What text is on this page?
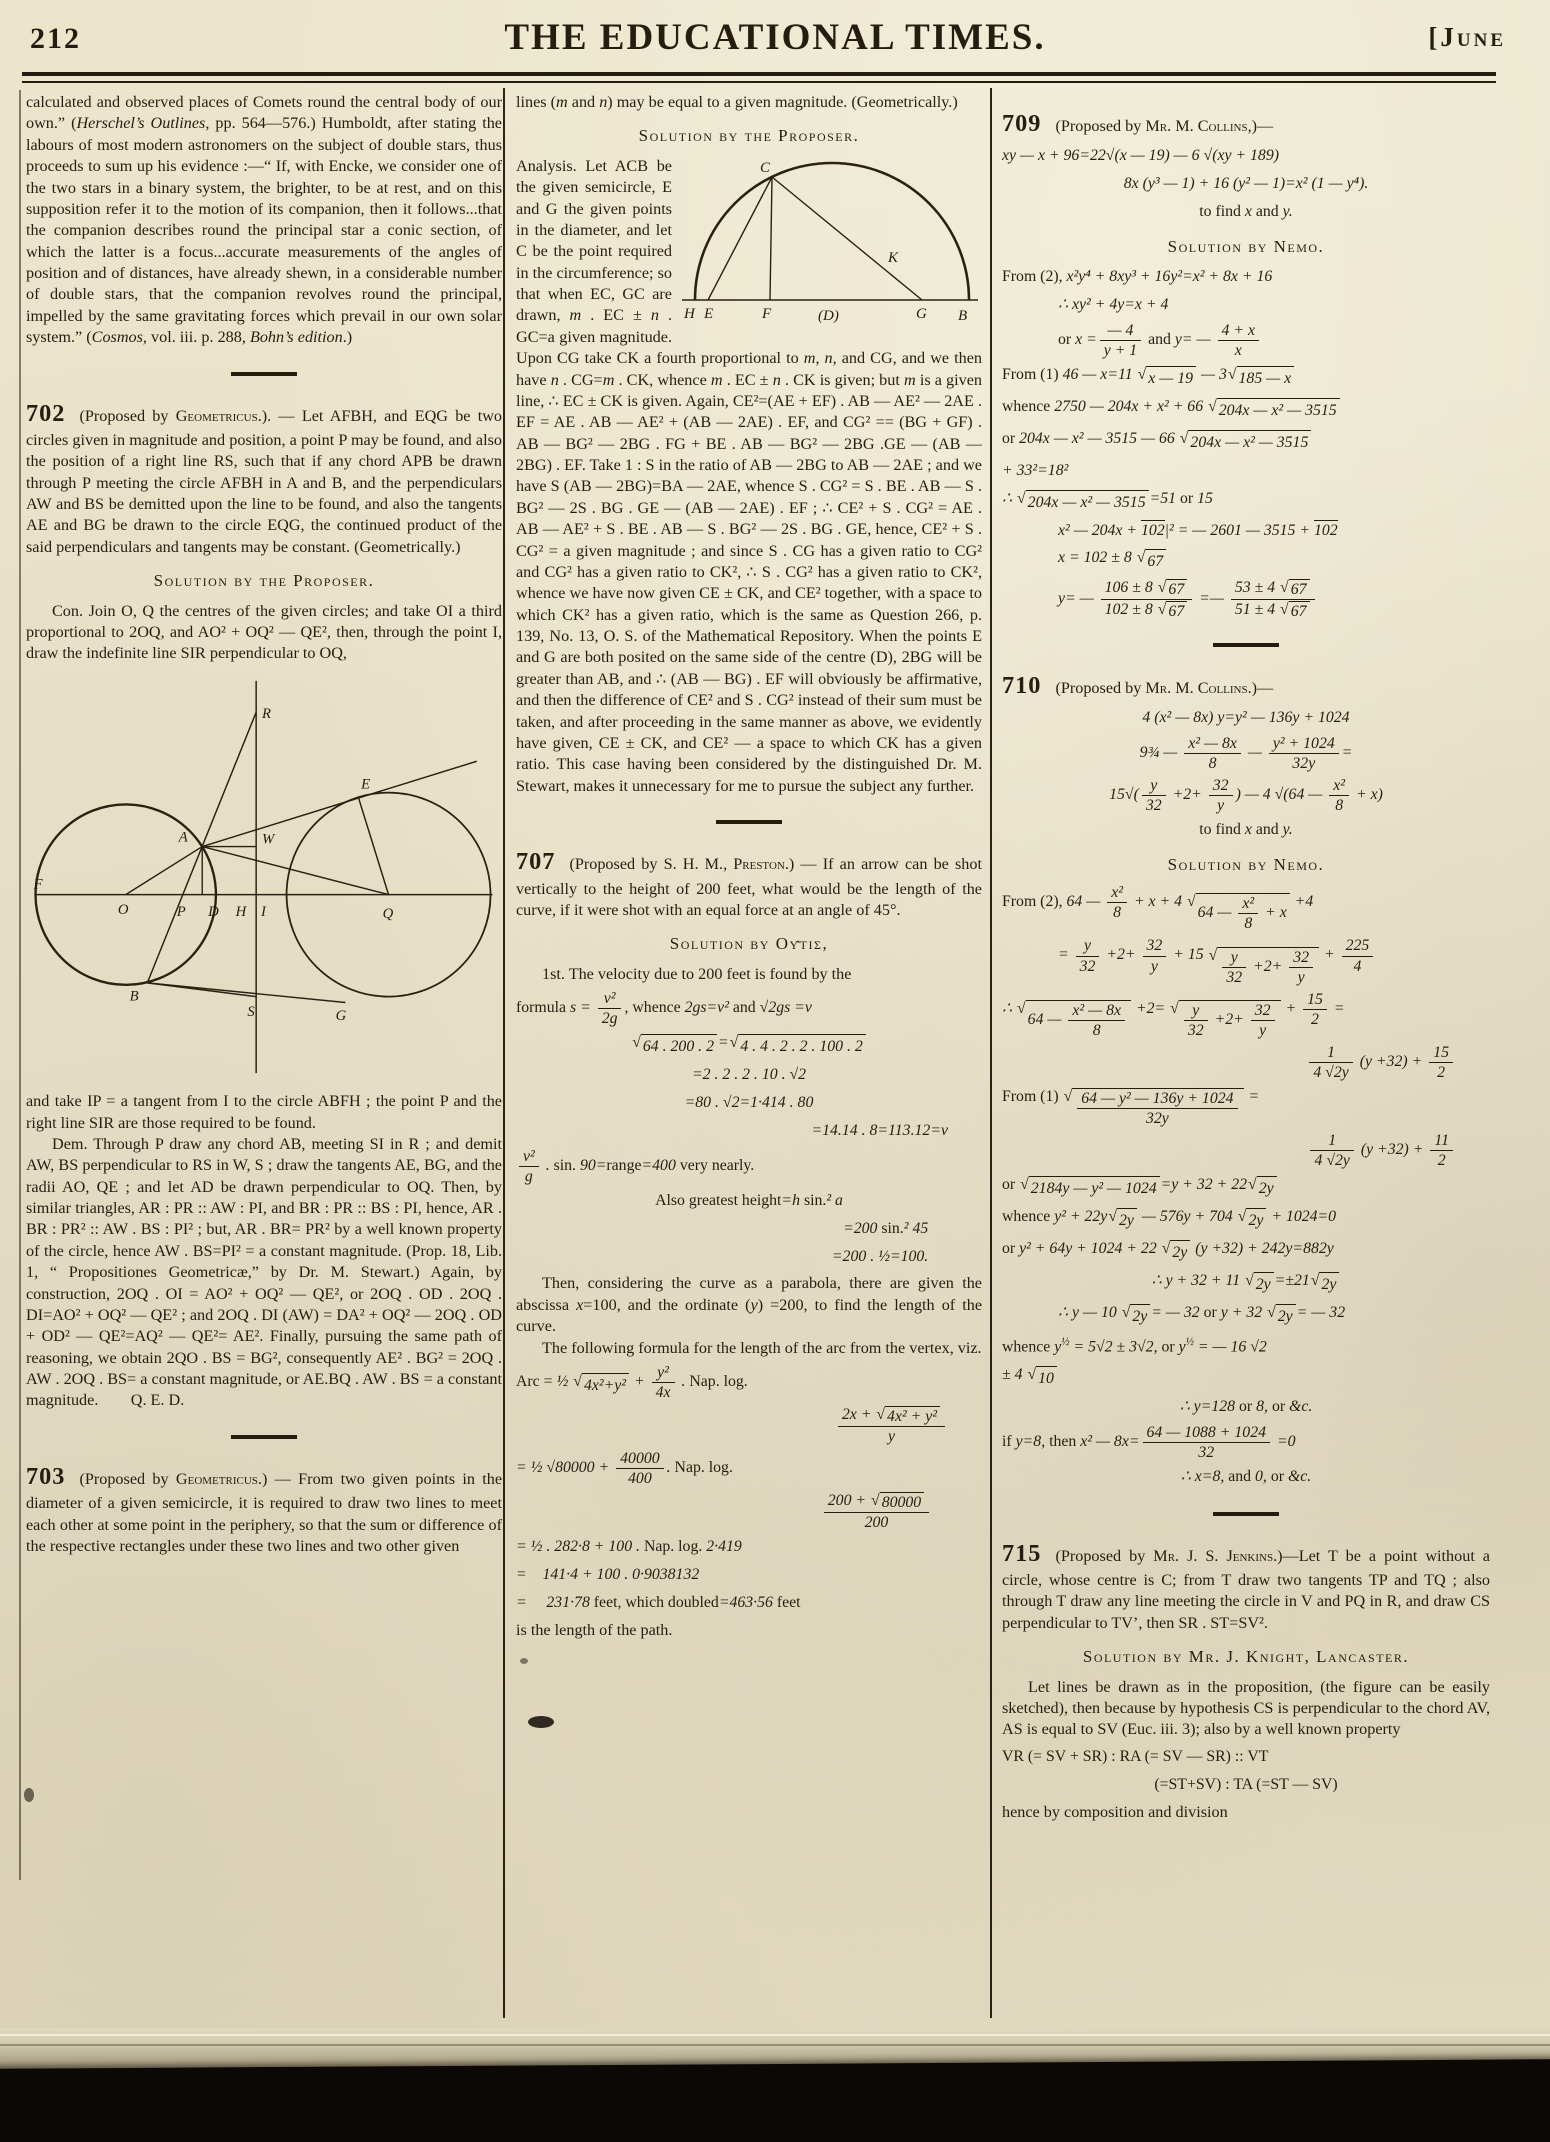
212	THE EDUCATIONAL TIMES.	[June
calculated and observed places of Comets round the central body of our own.” (Herschel’s Outlines, pp. 564—576.) Humboldt, after stating the labours of most modern astronomers on the subject of double stars, thus proceeds to sum up his evidence :—“ If, with Encke, we consider one of the two stars in a binary system, the brighter, to be at rest, and on this supposition refer it to the motion of its companion, then it follows...that the companion describes round the principal star a conic section, of which the latter is a focus...accurate measurements of the angles of position and of distances, have already shewn, in a considerable number of double stars, that the companion revolves round the principal, impelled by the same gravitating forces which prevail in our own solar system.” (Cosmos, vol. iii. p. 288, Bohn’s edition.)
702 (Proposed by Geometricus.). — Let AFBH, and EQG be two circles given in magnitude and position, a point P may be found, and also the position of a right line RS, such that if any chord APB be drawn through P meeting the circle AFBH in A and B, and the perpendiculars AW and BS be demitted upon the line to be found, and also the tangents AE and BG be drawn to the circle EQG, the continued product of the said perpendiculars and tangents may be constant. (Geometrically.)
Solution by the Proposer.
Con. Join O, Q the centres of the given circles; and take OI a third proportional to 2OQ, and AO² + OQ² — QE², then, through the point I, draw the indefinite line SIR perpendicular to OQ,
F
O	P D H I	Q
R
A	W
E
B
S	G
and take IP = a tangent from I to the circle ABFH ; the point P and the right line SIR are those required to be found.
Dem. Through P draw any chord AB, meeting SI in R ; and demit AW, BS perpendicular to RS in W, S ; draw the tangents AE, BG, and the radii AO, QE ; and let AD be drawn perpendicular to OQ. Then, by similar triangles, AR : PR :: AW : PI, and BR : PR :: BS : PI, hence, AR . BR : PR² :: AW . BS : PI² ; but, AR . BR= PR² by a well known property of the circle, hence AW . BS=PI² = a constant magnitude. (Prop. 18, Lib. 1, “ Propositiones Geometricæ,” by Dr. M. Stewart.) Again, by construction, 2OQ . OI = AO² + OQ² — QE², or 2OQ . OD . 2OQ . DI=AO² + OQ² — QE² ; and 2OQ . DI (AW) = DA² + OQ² — 2OQ . OD + OD² — QE²=AQ² — QE²= AE². Finally, pursuing the same path of reasoning, we obtain 2QO . BS = BG², consequently AE² . BG² = 2OQ . AW . 2OQ . BS= a constant magnitude, or AE.BQ . AW . BS = a constant magnitude.        Q. E. D.
703 (Proposed by Geometricus.) — From two given points in the diameter of a given semicircle, it is required to draw two lines to meet each other at some point in the periphery, so that the sum or difference of the respective rectangles under these two lines and two other given
lines (m and n) may be equal to a given magnitude. (Geometrically.)
Solution by the Proposer.
C
K
H E	F	(D)	G B
Analysis. Let ACB be the given semicircle, E and G the given points in the diameter, and let C be the point required in the circumference; so that when EC, GC are drawn, m . EC ± n . GC=a given magnitude. Upon CG take CK a fourth proportional to m, n, and CG, and we then have n . CG=m . CK, whence m . EC ± n . CK is given; but m is a given line, ∴ EC ± CK is given. Again, CE²=(AE + EF) . AB — AE² — 2AE . EF = AE . AB — AE² + (AB — 2AE) . EF, and CG² == (BG + GF) . AB — BG² — 2BG . FG + BE . AB — BG² — 2BG .GE — (AB — 2BG) . EF. Take 1 : S in the ratio of AB — 2BG to AB — 2AE ; and we have S (AB — 2BG)=BA — 2AE, whence S . CG² = S . BE . AB — S . BG² — 2S . BG . GE — (AB — 2AE) . EF ; ∴ CE² + S . CG² = AE . AB — AE² + S . BE . AB — S . BG² — 2S . BG . GE, hence, CE² + S . CG² = a given magnitude ; and since S . CG has a given ratio to CG² and CG² has a given ratio to CK², ∴ S . CG² has a given ratio to CK², whence we have now given CE ± CK, and CE² together, with a space to which CK² has a given ratio, which is the same as Question 266, p. 139, No. 13, O. S. of the Mathematical Repository. When the points E and G are both posited on the same side of the centre (D), 2BG will be greater than AB, and ∴ (AB — BG) . EF will obviously be affirmative, and then the difference of CE² and S . CG² instead of their sum must be taken, and after proceeding in the same manner as above, we evidently have given, CE ± CK, and CE² — a space to which CK has a given ratio. This case having been considered by the distinguished Dr. M. Stewart, makes it unnecessary for me to pursue the subject any further.
707 (Proposed by S. H. M., Preston.) — If an arrow can be shot vertically to the height of 200 feet, what would be the length of the curve, if it were shot with an equal force at an angle of 45°.
Solution by Οὖτις,
1st. The velocity due to 200 feet is found by the
formula $s = \frac{\text{v²}}{2g}$ , whence 2gs=v² and √2gs =v
√ 64 . 200 . 2 = √ 4 . 4 . 2 . 2 . 100 . 2
=2 . 2 . 2 . 10 . √2
=80 . √2=1·414 . 80
=14.14 . 8=113.12=v
$\frac{\text{v²}}{g}$ . sin. 90=range=400 very nearly.
Also greatest height=h sin.² a
=200 sin.² 45
=200 . ½=100.
Then, considering the curve as a parabola, there are given the abscissa x=100, and the ordinate (y) =200, to find the length of the curve.
The following formula for the length of the arc from the vertex, viz.
Arc = ½ √ $4x^2+y^2 + \frac{\text{y²}}{4x}$ . Nap. log.
$\frac{\text{2x + √ 4x² + y²}}{y}$
= ½ $√80000 + \frac{40000}{400}$ . Nap. log.
$\frac{200 + √ 80000}{200}$

= ½ . 282·8 + 100 . Nap. log. 2·419
=    141·4 + 100 . 0·9038132
=     231·78 feet, which doubled=463·56 feet
is the length of the path.
709 (Proposed by Mr. M. Collins,)—
xy — x + 96=22√(x — 19) — 6 √(xy + 189)
8x (y³ — 1) + 16 (y² — 1)=x² (1 — y⁴).
to find x and y.
Solution by Nemo.
From (2), x²y⁴ + 8xy³ + 16y²=x² + 8x + 16
∴ xy² + 4y=x + 4
or $x = \frac{— 4}{y + 1}$ and y= — $\frac{4 + x}{x}$
From (1) 46 — x=11 √ x — 19 — 3 √ 185 — x
whence 2750 — 204x + x² + 66 √ 204x — x² — 3515
or 204x — x² — 3515 — 66 √ 204x — x² — 3515
+ 33²=18²
∴ √ 204x — x² — 3515 =51 or 15
x² — 204x + 102|² = — 2601 — 3515 + 102
x = 102 ± 8 √ 67
y= — $\frac{106 \pm 8 √ 67}{102 \pm 8 √ 67}$ =— $\frac{53 \pm 4 √ 67}{51 \pm 4 √ 67}$
710 (Proposed by Mr. M. Collins.)—
4 (x² — 8x) y=y² — 136y + 1024
9¾ — $\frac{\text{x² — 8x}}{8}$ — $\frac{\text{y² + 1024}}{32y}$ =
$15√( \frac{y}{32} +2+ \frac{32}{y}$ ) — 4 √(64 — $\frac{\text{x²}}{8} + x$)
to find x and y.
Solution by Nemo.
From (2), 64 — $\frac{\text{x²}}{8} + x + 4$ √
64 — $\frac{\text{x²}}{8} + x$
+4
= $\frac{y}{32} +2+ \frac{32}{y} + 15$ √ $\frac{y}{32} +2+ \frac{32}{y} + \frac{225}{4}$
∴ √
64 — $\frac{\text{x² — 8x}}{8} +2=$ √ $\frac{y}{32} +2+ \frac{32}{y} + \frac{15}{2}$ =
$\frac{1}{4 √2y} (y +32) + \frac{15}{2}$
From (1) √ $\frac{\text{64 — y² — 136y + 1024}}{32y}$ =
$\frac{1}{4 √2y} (y +32) + \frac{11}{2}$
or √ 2184y — y² — 1024 =y + 32 + 22 √ 2y
whence y² + 22y √ 2y — 576y + 704 √ 2y + 1024=0
or y² + 64y + 1024 + 22 √ 2y (y +32) + 242y=882y
∴ y + 32 + 11 √ 2y =±21 √ 2y
∴ y — 10 √ 2y = — 32 or y + 32 √ 2y = — 32
whence $y^{\frac{1}{2}} = 5√2 \pm 3√2$, or $y^{\frac{1}{2}}$ = — 16 √2
± 4 √ 10
∴ y=128 or 8, or &c.
if y=8, then x² — $8x= \frac{64 — 1088 + 1024}{32} =0$
∴ x=8, and 0, or &c.
715 (Proposed by Mr. J. S. Jenkins.)—Let T be a point without a circle, whose centre is C; from T draw two tangents TP and TQ ; also through T draw any line meeting the circle in V and PQ in R, and draw CS perpendicular to TV’, then SR . ST=SV².
Solution by Mr. J. Knight, Lancaster.
Let lines be drawn as in the proposition, (the figure can be easily sketched), then because by hypothesis CS is perpendicular to the chord AV, AS is equal to SV (Euc. iii. 3); also by a well known property
VR (= SV + SR) : RA (= SV — SR) :: VT
(=ST+SV) : TA (=ST — SV)
hence by composition and division
